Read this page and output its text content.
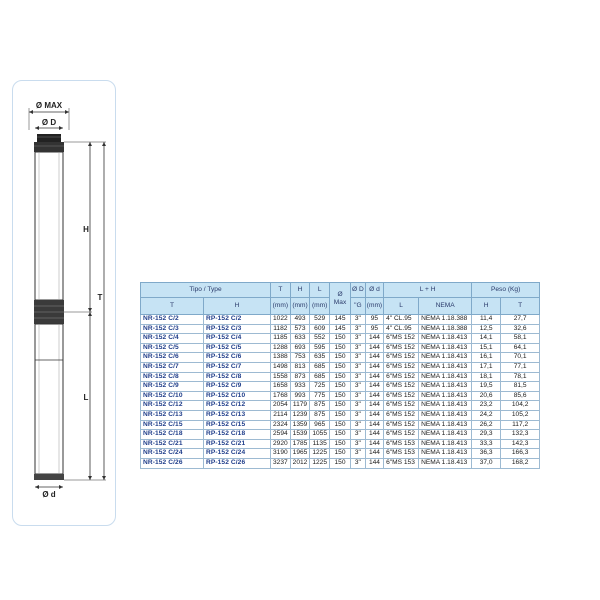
Ø MAX
Ø D
Ø d
H
L
T
Tipo / Type		T	H	L	Ø Max	Ø D	Ø d	L + H		Peso (Kg)	
T	H	(mm)	(mm)	(mm)		"G	(mm)	L	NEMA	H	T
NR-152 C/2	RP-152 C/2	1022	493	529	145	3"	95	4" CL.95	NEMA 1.18.388	11,4	27,7
NR-152 C/3	RP-152 C/3	1182	573	609	145	3"	95	4" CL.95	NEMA 1.18.388	12,5	32,6
NR-152 C/4	RP-152 C/4	1185	633	552	150	3"	144	6"MS 152	NEMA 1.18.413	14,1	58,1
NR-152 C/5	RP-152 C/5	1288	693	595	150	3"	144	6"MS 152	NEMA 1.18.413	15,1	64,1
NR-152 C/6	RP-152 C/6	1388	753	635	150	3"	144	6"MS 152	NEMA 1.18.413	16,1	70,1
NR-152 C/7	RP-152 C/7	1498	813	685	150	3"	144	6"MS 152	NEMA 1.18.413	17,1	77,1
NR-152 C/8	RP-152 C/8	1558	873	685	150	3"	144	6"MS 152	NEMA 1.18.413	18,1	78,1
NR-152 C/9	RP-152 C/9	1658	933	725	150	3"	144	6"MS 152	NEMA 1.18.413	19,5	81,5
NR-152 C/10	RP-152 C/10	1768	993	775	150	3"	144	6"MS 152	NEMA 1.18.413	20,6	85,6
NR-152 C/12	RP-152 C/12	2054	1179	875	150	3"	144	6"MS 152	NEMA 1.18.413	23,2	104,2
NR-152 C/13	RP-152 C/13	2114	1239	875	150	3"	144	6"MS 152	NEMA 1.18.413	24,2	105,2
NR-152 C/15	RP-152 C/15	2324	1359	965	150	3"	144	6"MS 152	NEMA 1.18.413	26,2	117,2
NR-152 C/18	RP-152 C/18	2594	1539	1055	150	3"	144	6"MS 152	NEMA 1.18.413	29,3	132,3
NR-152 C/21	RP-152 C/21	2920	1785	1135	150	3"	144	6"MS 153	NEMA 1.18.413	33,3	142,3
NR-152 C/24	RP-152 C/24	3190	1965	1225	150	3"	144	6"MS 153	NEMA 1.18.413	36,3	166,3
NR-152 C/26	RP-152 C/26	3237	2012	1225	150	3"	144	6"MS 153	NEMA 1.18.413	37,0	168,2
